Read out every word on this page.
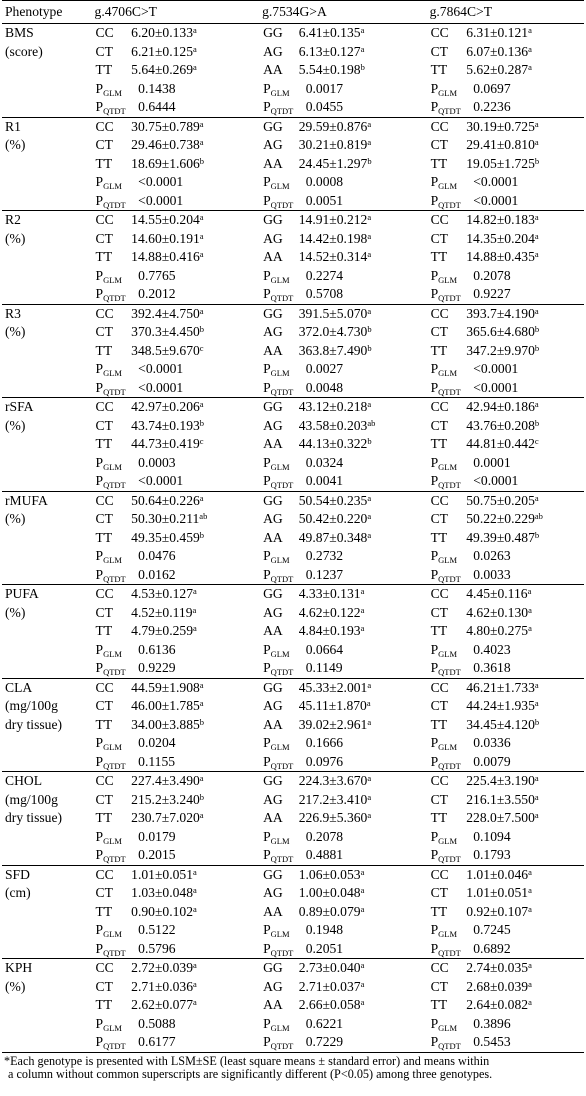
Phenotype	g.4706C>T			g.7534G>A			g.7864C>T	
BMS	CC	6.20±0.133$^a$		GG	6.41±0.135$^a$		CC	6.31±0.121$^a$
(score)	CT	6.21±0.125$^a$		AG	6.13±0.127$^a$		CT	6.07±0.136$^a$
	TT	5.64±0.269$^a$		AA	5.54±0.198$^b$		TT	5.62±0.287$^a$
	$P_{GLM}$	0.1438		$P_{GLM}$	0.0017		$P_{GLM}$	0.0697
	$P_{QTDT}$	0.6444		$P_{QTDT}$	0.0455		$P_{QTDT}$	0.2236
R1	CC	30.75±0.789$^a$		GG	29.59±0.876$^a$		CC	30.19±0.725$^a$
(%)	CT	29.46±0.738$^a$		AG	30.21±0.819$^a$		CT	29.41±0.810$^a$
	TT	18.69±1.606$^b$		AA	24.45±1.297$^b$		TT	19.05±1.725$^b$
	$P_{GLM}$	<0.0001		$P_{GLM}$	0.0008		$P_{GLM}$	<0.0001
	$P_{QTDT}$	<0.0001		$P_{QTDT}$	0.0051		$P_{QTDT}$	<0.0001
R2	CC	14.55±0.204$^a$		GG	14.91±0.212$^a$		CC	14.82±0.183$^a$
(%)	CT	14.60±0.191$^a$		AG	14.42±0.198$^a$		CT	14.35±0.204$^a$
	TT	14.88±0.416$^a$		AA	14.52±0.314$^a$		TT	14.88±0.435$^a$
	$P_{GLM}$	0.7765		$P_{GLM}$	0.2274		$P_{GLM}$	0.2078
	$P_{QTDT}$	0.2012		$P_{QTDT}$	0.5708		$P_{QTDT}$	0.9227
R3	CC	392.4±4.750$^a$		GG	391.5±5.070$^a$		CC	393.7±4.190$^a$
(%)	CT	370.3±4.450$^b$		AG	372.0±4.730$^b$		CT	365.6±4.680$^b$
	TT	348.5±9.670$^c$		AA	363.8±7.490$^b$		TT	347.2±9.970$^b$
	$P_{GLM}$	<0.0001		$P_{GLM}$	0.0027		$P_{GLM}$	<0.0001
	$P_{QTDT}$	<0.0001		$P_{QTDT}$	0.0048		$P_{QTDT}$	<0.0001
rSFA	CC	42.97±0.206$^a$		GG	43.12±0.218$^a$		CC	42.94±0.186$^a$
(%)	CT	43.74±0.193$^b$		AG	43.58±0.203$^{ab}$		CT	43.76±0.208$^b$
	TT	44.73±0.419$^c$		AA	44.13±0.322$^b$		TT	44.81±0.442$^c$
	$P_{GLM}$	0.0003		$P_{GLM}$	0.0324		$P_{GLM}$	0.0001
	$P_{QTDT}$	<0.0001		$P_{QTDT}$	0.0041		$P_{QTDT}$	<0.0001
rMUFA	CC	50.64±0.226$^a$		GG	50.54±0.235$^a$		CC	50.75±0.205$^a$
(%)	CT	50.30±0.211$^{ab}$		AG	50.42±0.220$^a$		CT	50.22±0.229$^{ab}$
	TT	49.35±0.459$^b$		AA	49.87±0.348$^a$		TT	49.39±0.487$^b$
	$P_{GLM}$	0.0476		$P_{GLM}$	0.2732		$P_{GLM}$	0.0263
	$P_{QTDT}$	0.0162		$P_{QTDT}$	0.1237		$P_{QTDT}$	0.0033
PUFA	CC	4.53±0.127$^a$		GG	4.33±0.131$^a$		CC	4.45±0.116$^a$
(%)	CT	4.52±0.119$^a$		AG	4.62±0.122$^a$		CT	4.62±0.130$^a$
	TT	4.79±0.259$^a$		AA	4.84±0.193$^a$		TT	4.80±0.275$^a$
	$P_{GLM}$	0.6136		$P_{GLM}$	0.0664		$P_{GLM}$	0.4023
	$P_{QTDT}$	0.9229		$P_{QTDT}$	0.1149		$P_{QTDT}$	0.3618
CLA	CC	44.59±1.908$^a$		GG	45.33±2.001$^a$		CC	46.21±1.733$^a$
(mg/100g	CT	46.00±1.785$^a$		AG	45.11±1.870$^a$		CT	44.24±1.935$^a$
dry tissue)	TT	34.00±3.885$^b$		AA	39.02±2.961$^a$		TT	34.45±4.120$^b$
	$P_{GLM}$	0.0204		$P_{GLM}$	0.1666		$P_{GLM}$	0.0336
	$P_{QTDT}$	0.1155		$P_{QTDT}$	0.0976		$P_{QTDT}$	0.0079
CHOL	CC	227.4±3.490$^a$		GG	224.3±3.670$^a$		CC	225.4±3.190$^a$
(mg/100g	CT	215.2±3.240$^b$		AG	217.2±3.410$^a$		CT	216.1±3.550$^a$
dry tissue)	TT	230.7±7.020$^a$		AA	226.9±5.360$^a$		TT	228.0±7.500$^a$
	$P_{GLM}$	0.0179		$P_{GLM}$	0.2078		$P_{GLM}$	0.1094
	$P_{QTDT}$	0.2015		$P_{QTDT}$	0.4881		$P_{QTDT}$	0.1793
SFD	CC	1.01±0.051$^a$		GG	1.06±0.053$^a$		CC	1.01±0.046$^a$
(cm)	CT	1.03±0.048$^a$		AG	1.00±0.048$^a$		CT	1.01±0.051$^a$
	TT	0.90±0.102$^a$		AA	0.89±0.079$^a$		TT	0.92±0.107$^a$
	$P_{GLM}$	0.5122		$P_{GLM}$	0.1948		$P_{GLM}$	0.7245
	$P_{QTDT}$	0.5796		$P_{QTDT}$	0.2051		$P_{QTDT}$	0.6892
KPH	CC	2.72±0.039$^a$		GG	2.73±0.040$^a$		CC	2.74±0.035$^a$
(%)	CT	2.71±0.036$^a$		AG	2.71±0.037$^a$		CT	2.68±0.039$^a$
	TT	2.62±0.077$^a$		AA	2.66±0.058$^a$		TT	2.64±0.082$^a$
	$P_{GLM}$	0.5088		$P_{GLM}$	0.6221		$P_{GLM}$	0.3896
	$P_{QTDT}$	0.6177		$P_{QTDT}$	0.7229		$P_{QTDT}$	0.5453
*Each genotype is presented with LSM±SE (least square means ± standard error) and means within
a column without common superscripts are significantly different (P<0.05) among three genotypes.
